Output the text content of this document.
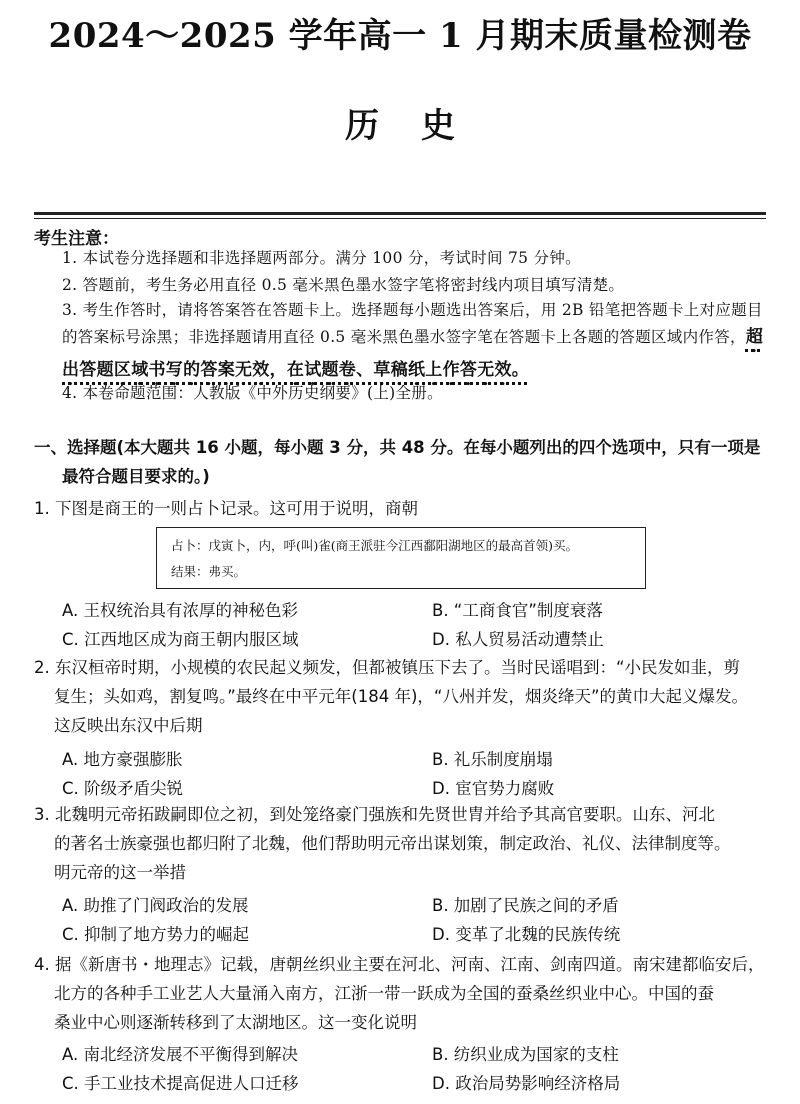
2024～2025 学年高一 1 月期末质量检测卷
历史
考生注意：
1. 本试卷分选择题和非选择题两部分。满分 100 分，考试时间 75 分钟。
2. 答题前，考生务必用直径 0.5 毫米黑色墨水签字笔将密封线内项目填写清楚。
3. 考生作答时，请将答案答在答题卡上。选择题每小题选出答案后，用 2B 铅笔把答题卡上对应题目的答案标号涂黑；非选择题请用直径 0.5 毫米黑色墨水签字笔在答题卡上各题的答题区域内作答，超出答题区域书写的答案无效，在试题卷、草稿纸上作答无效。
4. 本卷命题范围：人教版《中外历史纲要》(上)全册。
一、选择题(本大题共 16 小题，每小题 3 分，共 48 分。在每小题列出的四个选项中，只有一项是
最符合题目要求的。)
1. 下图是商王的一则占卜记录。这可用于说明，商朝
占卜：戊寅卜，内，呼(叫)雀(商王派驻今江西鄱阳湖地区的最高首领)买。
结果：弗买。
A. 王权统治具有浓厚的神秘色彩	B. “工商食官”制度衰落
C. 江西地区成为商王朝内服区域	D. 私人贸易活动遭禁止
2. 东汉桓帝时期，小规模的农民起义频发，但都被镇压下去了。当时民谣唱到：“小民发如韭，剪
复生；头如鸡，割复鸣。”最终在中平元年(184 年)，“八州并发，烟炎绛天”的黄巾大起义爆发。
这反映出东汉中后期
A. 地方豪强膨胀	B. 礼乐制度崩塌
C. 阶级矛盾尖锐	D. 宦官势力腐败
3. 北魏明元帝拓跋嗣即位之初，到处笼络豪门强族和先贤世胄并给予其高官要职。山东、河北
的著名士族豪强也都归附了北魏，他们帮助明元帝出谋划策，制定政治、礼仪、法律制度等。
明元帝的这一举措
A. 助推了门阀政治的发展	B. 加剧了民族之间的矛盾
C. 抑制了地方势力的崛起	D. 变革了北魏的民族传统
4. 据《新唐书・地理志》记载，唐朝丝织业主要在河北、河南、江南、剑南四道。南宋建都临安后，
北方的各种手工业艺人大量涌入南方，江浙一带一跃成为全国的蚕桑丝织业中心。中国的蚕
桑业中心则逐渐转移到了太湖地区。这一变化说明
A. 南北经济发展不平衡得到解决	B. 纺织业成为国家的支柱
C. 手工业技术提高促进人口迁移	D. 政治局势影响经济格局
